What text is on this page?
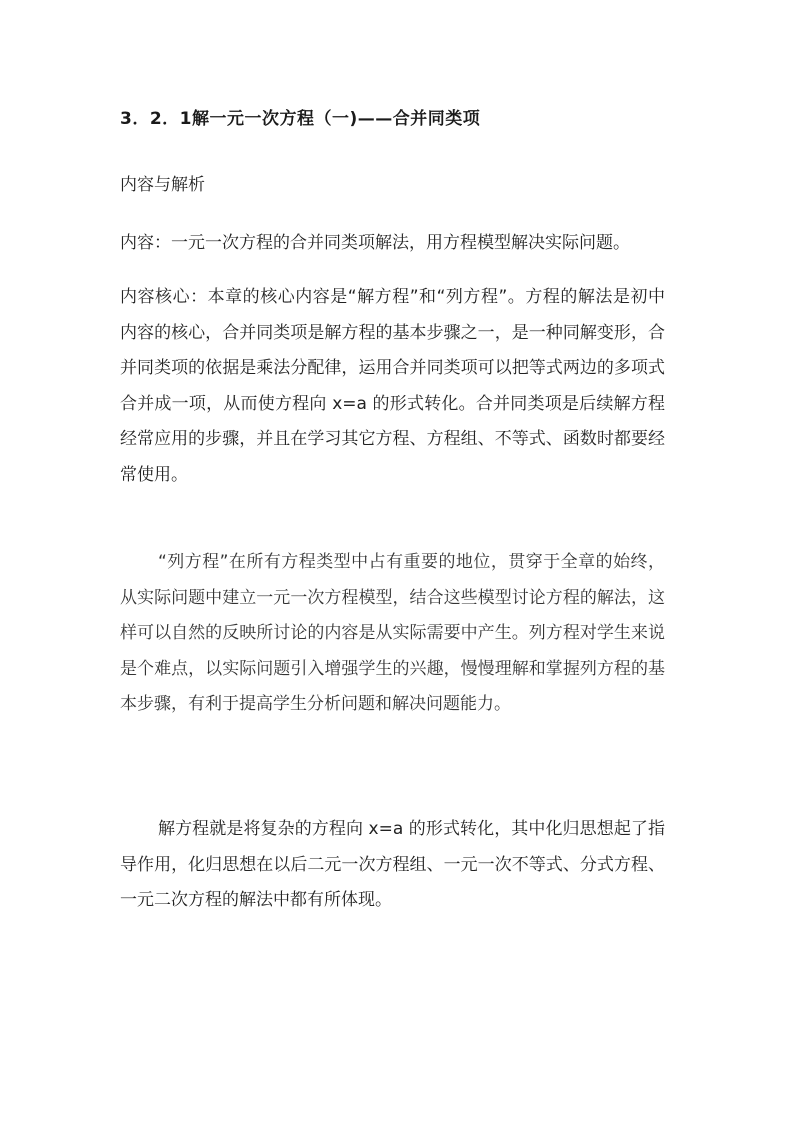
3．2．1解一元一次方程（一)——合并同类项
内容与解析
内容：一元一次方程的合并同类项解法，用方程模型解决实际问题。

内容核心：本章的核心内容是“解方程”和“列方程”。方程的解法是初中内容的核心，合并同类项是解方程的基本步骤之一，是一种同解变形，合并同类项的依据是乘法分配律，运用合并同类项可以把等式两边的多项式合并成一项，从而使方程向 x=a 的形式转化。合并同类项是后续解方程经常应用的步骤，并且在学习其它方程、方程组、不等式、函数时都要经常使用。

“列方程”在所有方程类型中占有重要的地位，贯穿于全章的始终，从实际问题中建立一元一次方程模型，结合这些模型讨论方程的解法，这样可以自然的反映所讨论的内容是从实际需要中产生。列方程对学生来说是个难点，以实际问题引入增强学生的兴趣，慢慢理解和掌握列方程的基本步骤，有利于提高学生分析问题和解决问题能力。

解方程就是将复杂的方程向 x=a 的形式转化，其中化归思想起了指导作用，化归思想在以后二元一次方程组、一元一次不等式、分式方程、一元二次方程的解法中都有所体现。
